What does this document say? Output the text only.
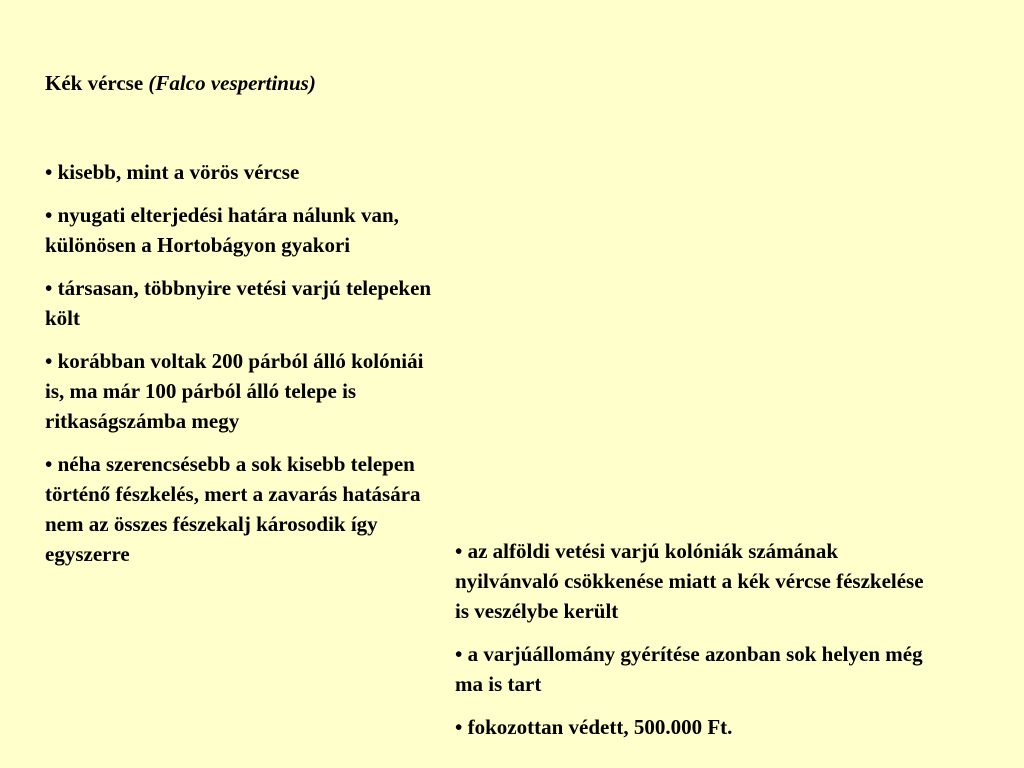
Kék vércse (Falco vespertinus)
• kisebb, mint a vörös vércse
• nyugati elterjedési határa nálunk van, különösen a Hortobágyon gyakori
• társasan, többnyire vetési varjú telepeken költ
• korábban voltak 200 párból álló kolóniái is, ma már 100 párból álló telepe is ritkaságszámba megy
• néha szerencsésebb a sok kisebb telepen történő fészkelés, mert a zavarás hatására nem az összes fészekalj károsodik így egyszerre	• az alföldi vetési varjú kolóniák számának nyilvánvaló csökkenése miatt a kék vércse fészkelése is veszélybe került
• a varjúállomány gyérítése azonban sok helyen még ma is tart
• fokozottan védett, 500.000 Ft.
